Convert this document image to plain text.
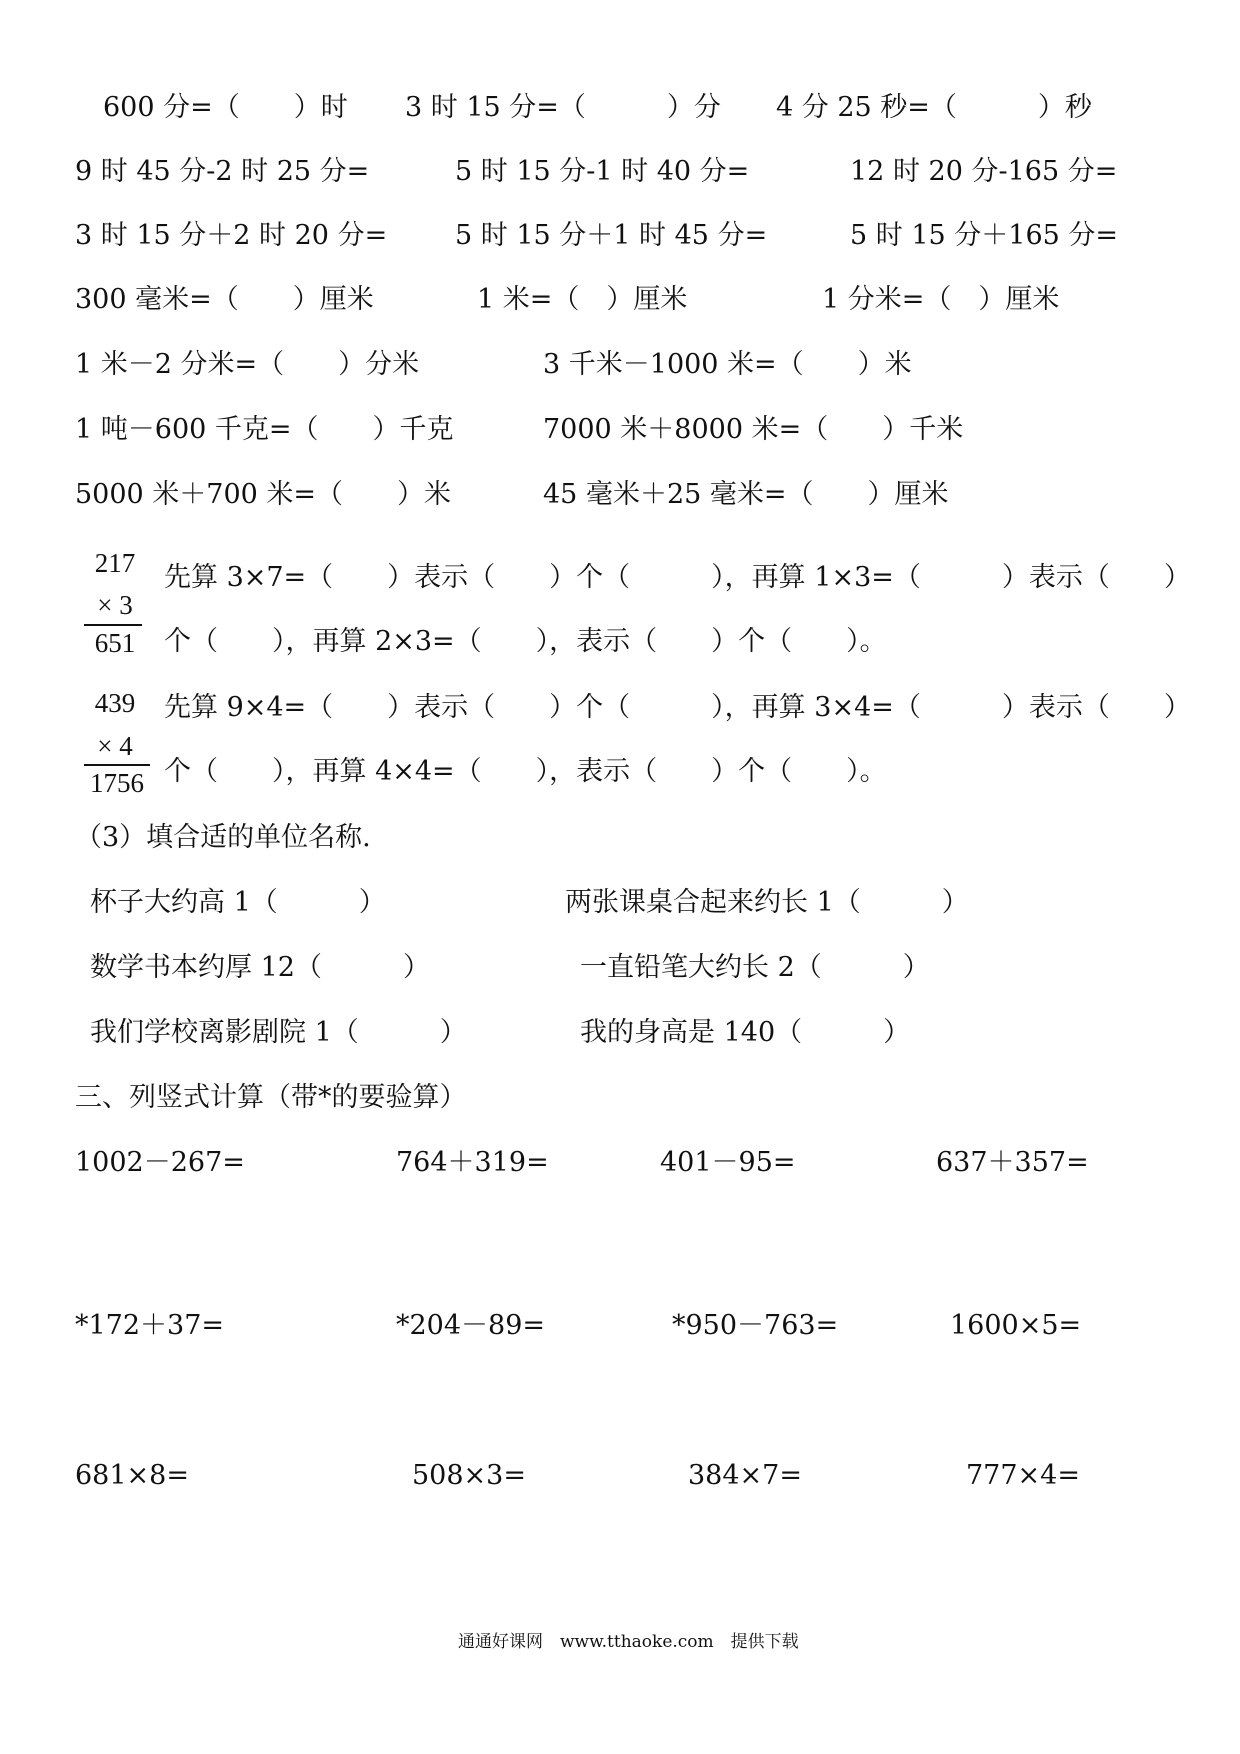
600 分=（　　）时 3 时 15 分=（　　　）分 4 分 25 秒=（　　　）秒
9 时 45 分-2 时 25 分=	5 时 15 分-1 时 40 分=	12 时 20 分-165 分=
3 时 15 分＋2 时 20 分=	5 时 15 分＋1 时 45 分=	5 时 15 分＋165 分=
300 毫米=（　　）厘米	1 米=（　）厘米	1 分米=（　）厘米
1 米－2 分米=（　　）分米	3 千米－1000 米=（　　）米
1 吨－600 千克=（　　）千克	7000 米＋8000 米=（　　）千米
5000 米＋700 米=（　　）米	45 毫米＋25 毫米=（　　）厘米
217
× 3
651
先算 3×7=（　　）表示（　　）个（　　　），再算 1×3=（　　　）表示（　　）
个（　　），再算 2×3=（　　），表示（　　）个（　　）。
439
× 4
1756
先算 9×4=（　　）表示（　　）个（　　　），再算 3×4=（　　　）表示（　　）
个（　　），再算 4×4=（　　），表示（　　）个（　　）。
（3）填合适的单位名称.
杯子大约高 1（　　　）	两张课桌合起来约长 1（　　　）
数学书本约厚 12（　　　）	一直铅笔大约长 2（　　　）
我们学校离影剧院 1（　　　）	我的身高是 140（　　　）
三、列竖式计算（带*的要验算）
1002－267=	764＋319=	401－95=	637＋357=
*172＋37=	*204－89=	*950－763=	1600×5=
681×8=	508×3=	384×7=	777×4=
通通好课网　www.tthaoke.com　提供下载
